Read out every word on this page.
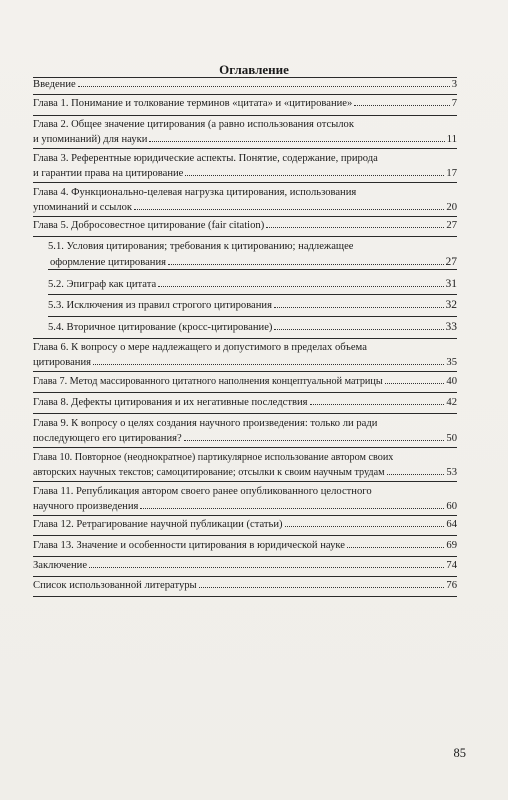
Оглавление
Введение	3
Глава 1. Понимание и толкование терминов «цитата» и «цитирование»	7
Глава 2. Общее значение цитирования (а равно использования отсылок
и упоминаний) для науки	11
Глава 3. Референтные юридические аспекты. Понятие, содержание, природа
и гарантии права на цитирование	17
Глава 4. Функционально-целевая нагрузка цитирования, использования
упоминаний и ссылок	20
Глава 5. Добросовестное цитирование (fair citation)	27
5.1. Условия цитирования; требования к цитированию; надлежащее
оформление цитирования	27
5.2. Эпиграф как цитата	31
5.3. Исключения из правил строгого цитирования	32
5.4. Вторичное цитирование (кросс-цитирование)	33
Глава 6. К вопросу о мере надлежащего и допустимого в пределах объема
цитирования	35
Глава 7. Метод массированного цитатного наполнения концептуальной матрицы	40
Глава 8. Дефекты цитирования и их негативные последствия	42
Глава 9. К вопросу о целях создания научного произведения: только ли ради
последующего его цитирования?	50
Глава 10. Повторное (неоднократное) партикулярное использование автором своих
авторских научных текстов; самоцитирование; отсылки к своим научным трудам	53
Глава 11. Републикация автором своего ранее опубликованного целостного
научного произведения	60
Глава 12. Ретрагирование научной публикации (статьи)	64
Глава 13. Значение и особенности цитирования в юридической науке	69
Заключение	74
Список использованной литературы	76
85
